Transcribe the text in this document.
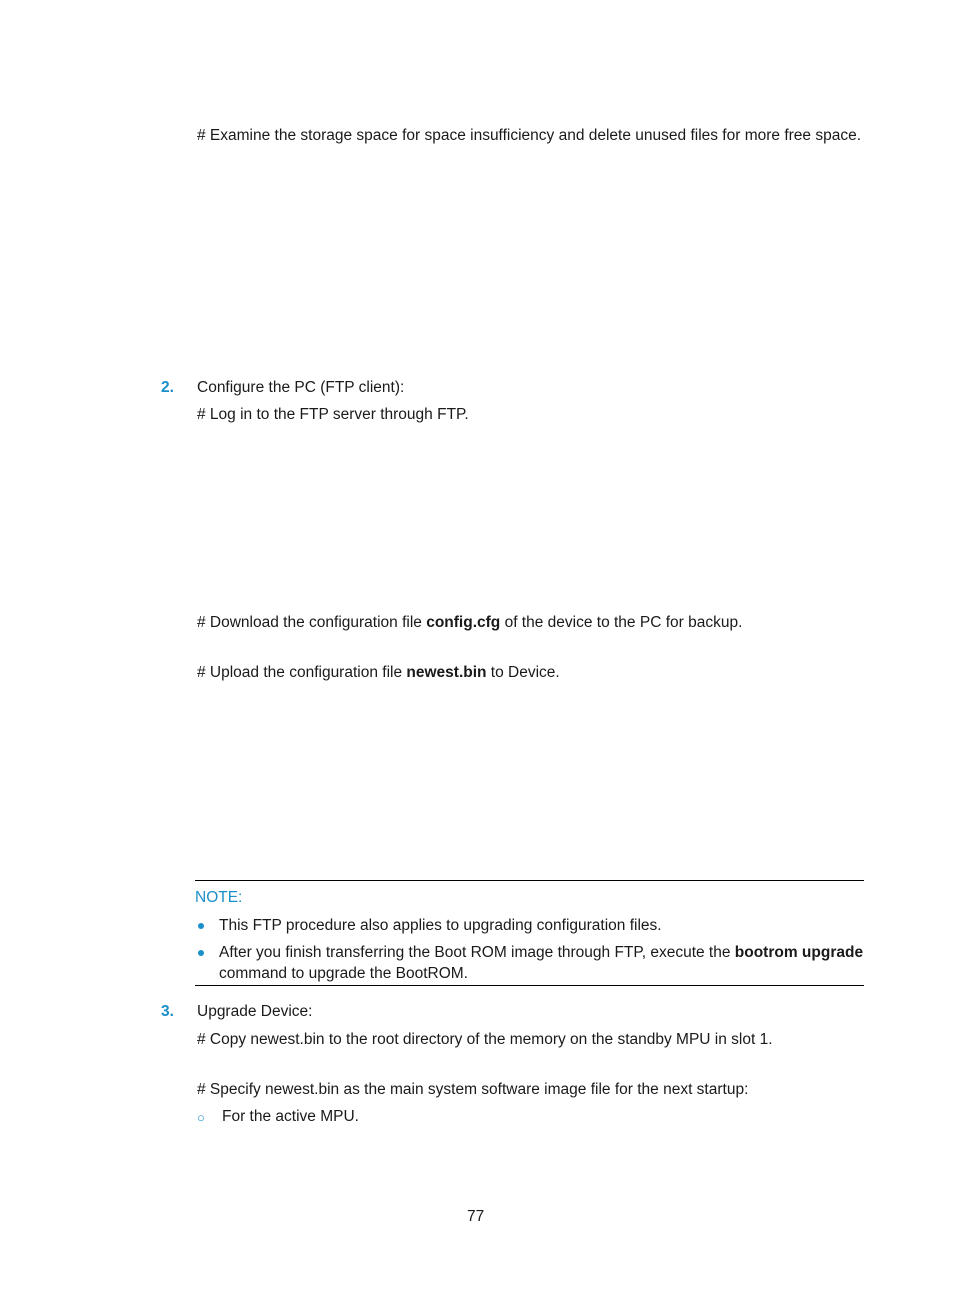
# Examine the storage space for space insufficiency and delete unused files for more free space.
2. Configure the PC (FTP client):
# Log in to the FTP server through FTP.
# Download the configuration file config.cfg of the device to the PC for backup.
# Upload the configuration file newest.bin to Device.
NOTE:
This FTP procedure also applies to upgrading configuration files.
After you finish transferring the Boot ROM image through FTP, execute the bootrom upgrade
command to upgrade the BootROM.
3. Upgrade Device:
# Copy newest.bin to the root directory of the memory on the standby MPU in slot 1.
# Specify newest.bin as the main system software image file for the next startup:
○ For the active MPU.
77
